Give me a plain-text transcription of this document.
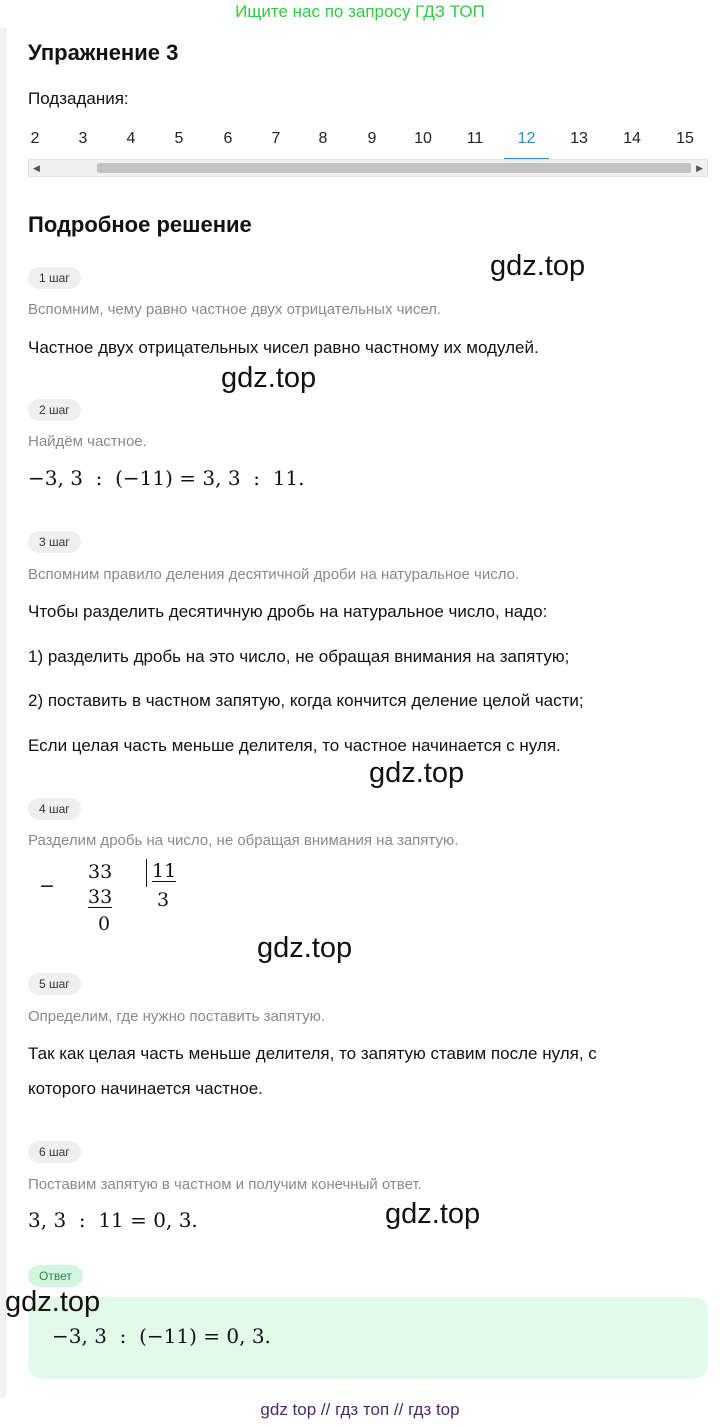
Ищите нас по запросу ГДЗ ТОП
Упражнение 3
Подзадания:
2	3	4	5	6	7	8	9	10	11	12	13	14	15
◀	▶
Подробное решение
1 шаг
Вспомним, чему равно частное двух отрицательных чисел.
Частное двух отрицательных чисел равно частному их модулей.
2 шаг
Найдём частное.
−3, 3  :  (−11) = 3, 3  :  11.
3 шаг
Вспомним правило деления десятичной дроби на натуральное число.
Чтобы разделить десятичную дробь на натуральное число, надо:
1) разделить дробь на это число, не обращая внимания на запятую;
2) поставить в частном запятую, когда кончится деление целой части;
Если целая часть меньше делителя, то частное начинается с нуля.
4 шаг
Разделим дробь на число, не обращая внимания на запятую.
−
33
33
0
11
3
5 шаг
Определим, где нужно поставить запятую.
Так как целая часть меньше делителя, то запятую ставим после нуля, с
которого начинается частное.
6 шаг
Поставим запятую в частном и получим конечный ответ.
3, 3  :  11 = 0, 3.
Ответ
−3, 3  :  (−11) = 0, 3.
gdz.top
gdz.top
gdz.top
gdz.top
gdz.top
gdz.top
gdz top // гдз топ // гдз top
